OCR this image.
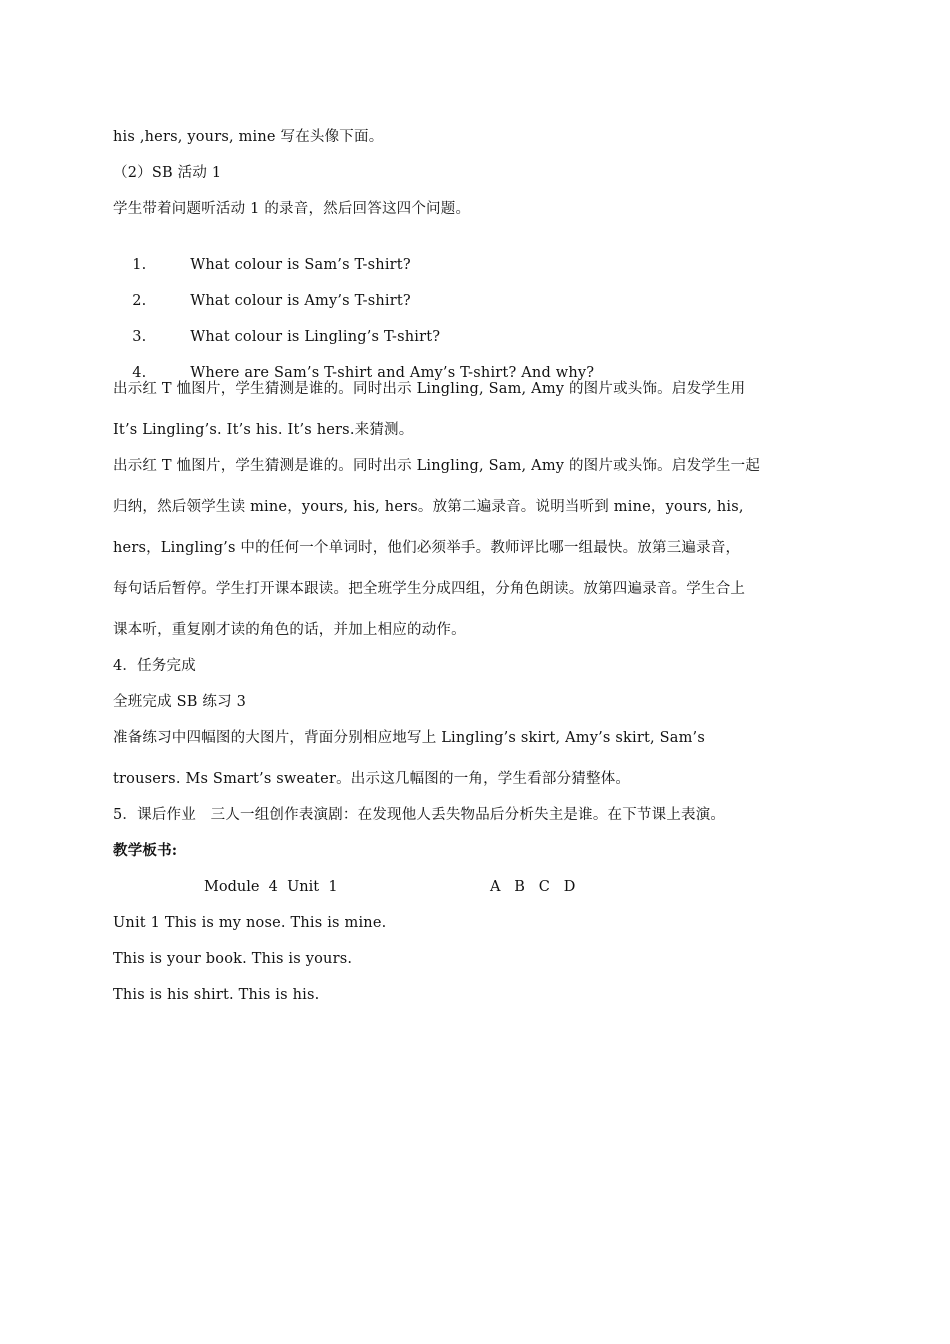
his ,hers, yours, mine 写在头像下面。
（2）SB 活动 1
学生带着问题听活动 1 的录音，然后回答这四个问题。

1.	What colour is Sam’s T-shirt?

2.	What colour is Amy’s T-shirt?

3.	What colour is Lingling’s T-shirt?

4.	Where are Sam’s T-shirt and Amy’s T-shirt? And why?

出示红 T 恤图片，学生猜测是谁的。同时出示 Lingling, Sam, Amy 的图片或头饰。启发学生用
It’s Lingling’s. It’s his. It’s hers.来猜测。
出示红 T 恤图片，学生猜测是谁的。同时出示 Lingling, Sam, Amy 的图片或头饰。启发学生一起
归纳，然后领学生读 mine，yours, his, hers。放第二遍录音。说明当听到 mine，yours, his,
hers，Lingling’s 中的任何一个单词时，他们必须举手。教师评比哪一组最快。放第三遍录音，
每句话后暂停。学生打开课本跟读。把全班学生分成四组，分角色朗读。放第四遍录音。学生合上
课本听，重复刚才读的角色的话，并加上相应的动作。
4．任务完成
全班完成 SB 练习 3
准备练习中四幅图的大图片，背面分别相应地写上 Lingling’s skirt, Amy’s skirt, Sam’s
trousers. Ms Smart’s sweater。出示这几幅图的一角，学生看部分猜整体。
5．课后作业　三人一组创作表演剧：在发现他人丢失物品后分析失主是谁。在下节课上表演。
教学板书:
Module  4  Unit  1	A   B   C   D
Unit 1 This is my nose. This is mine.
This is your book. This is yours.
This is his shirt. This is his.
